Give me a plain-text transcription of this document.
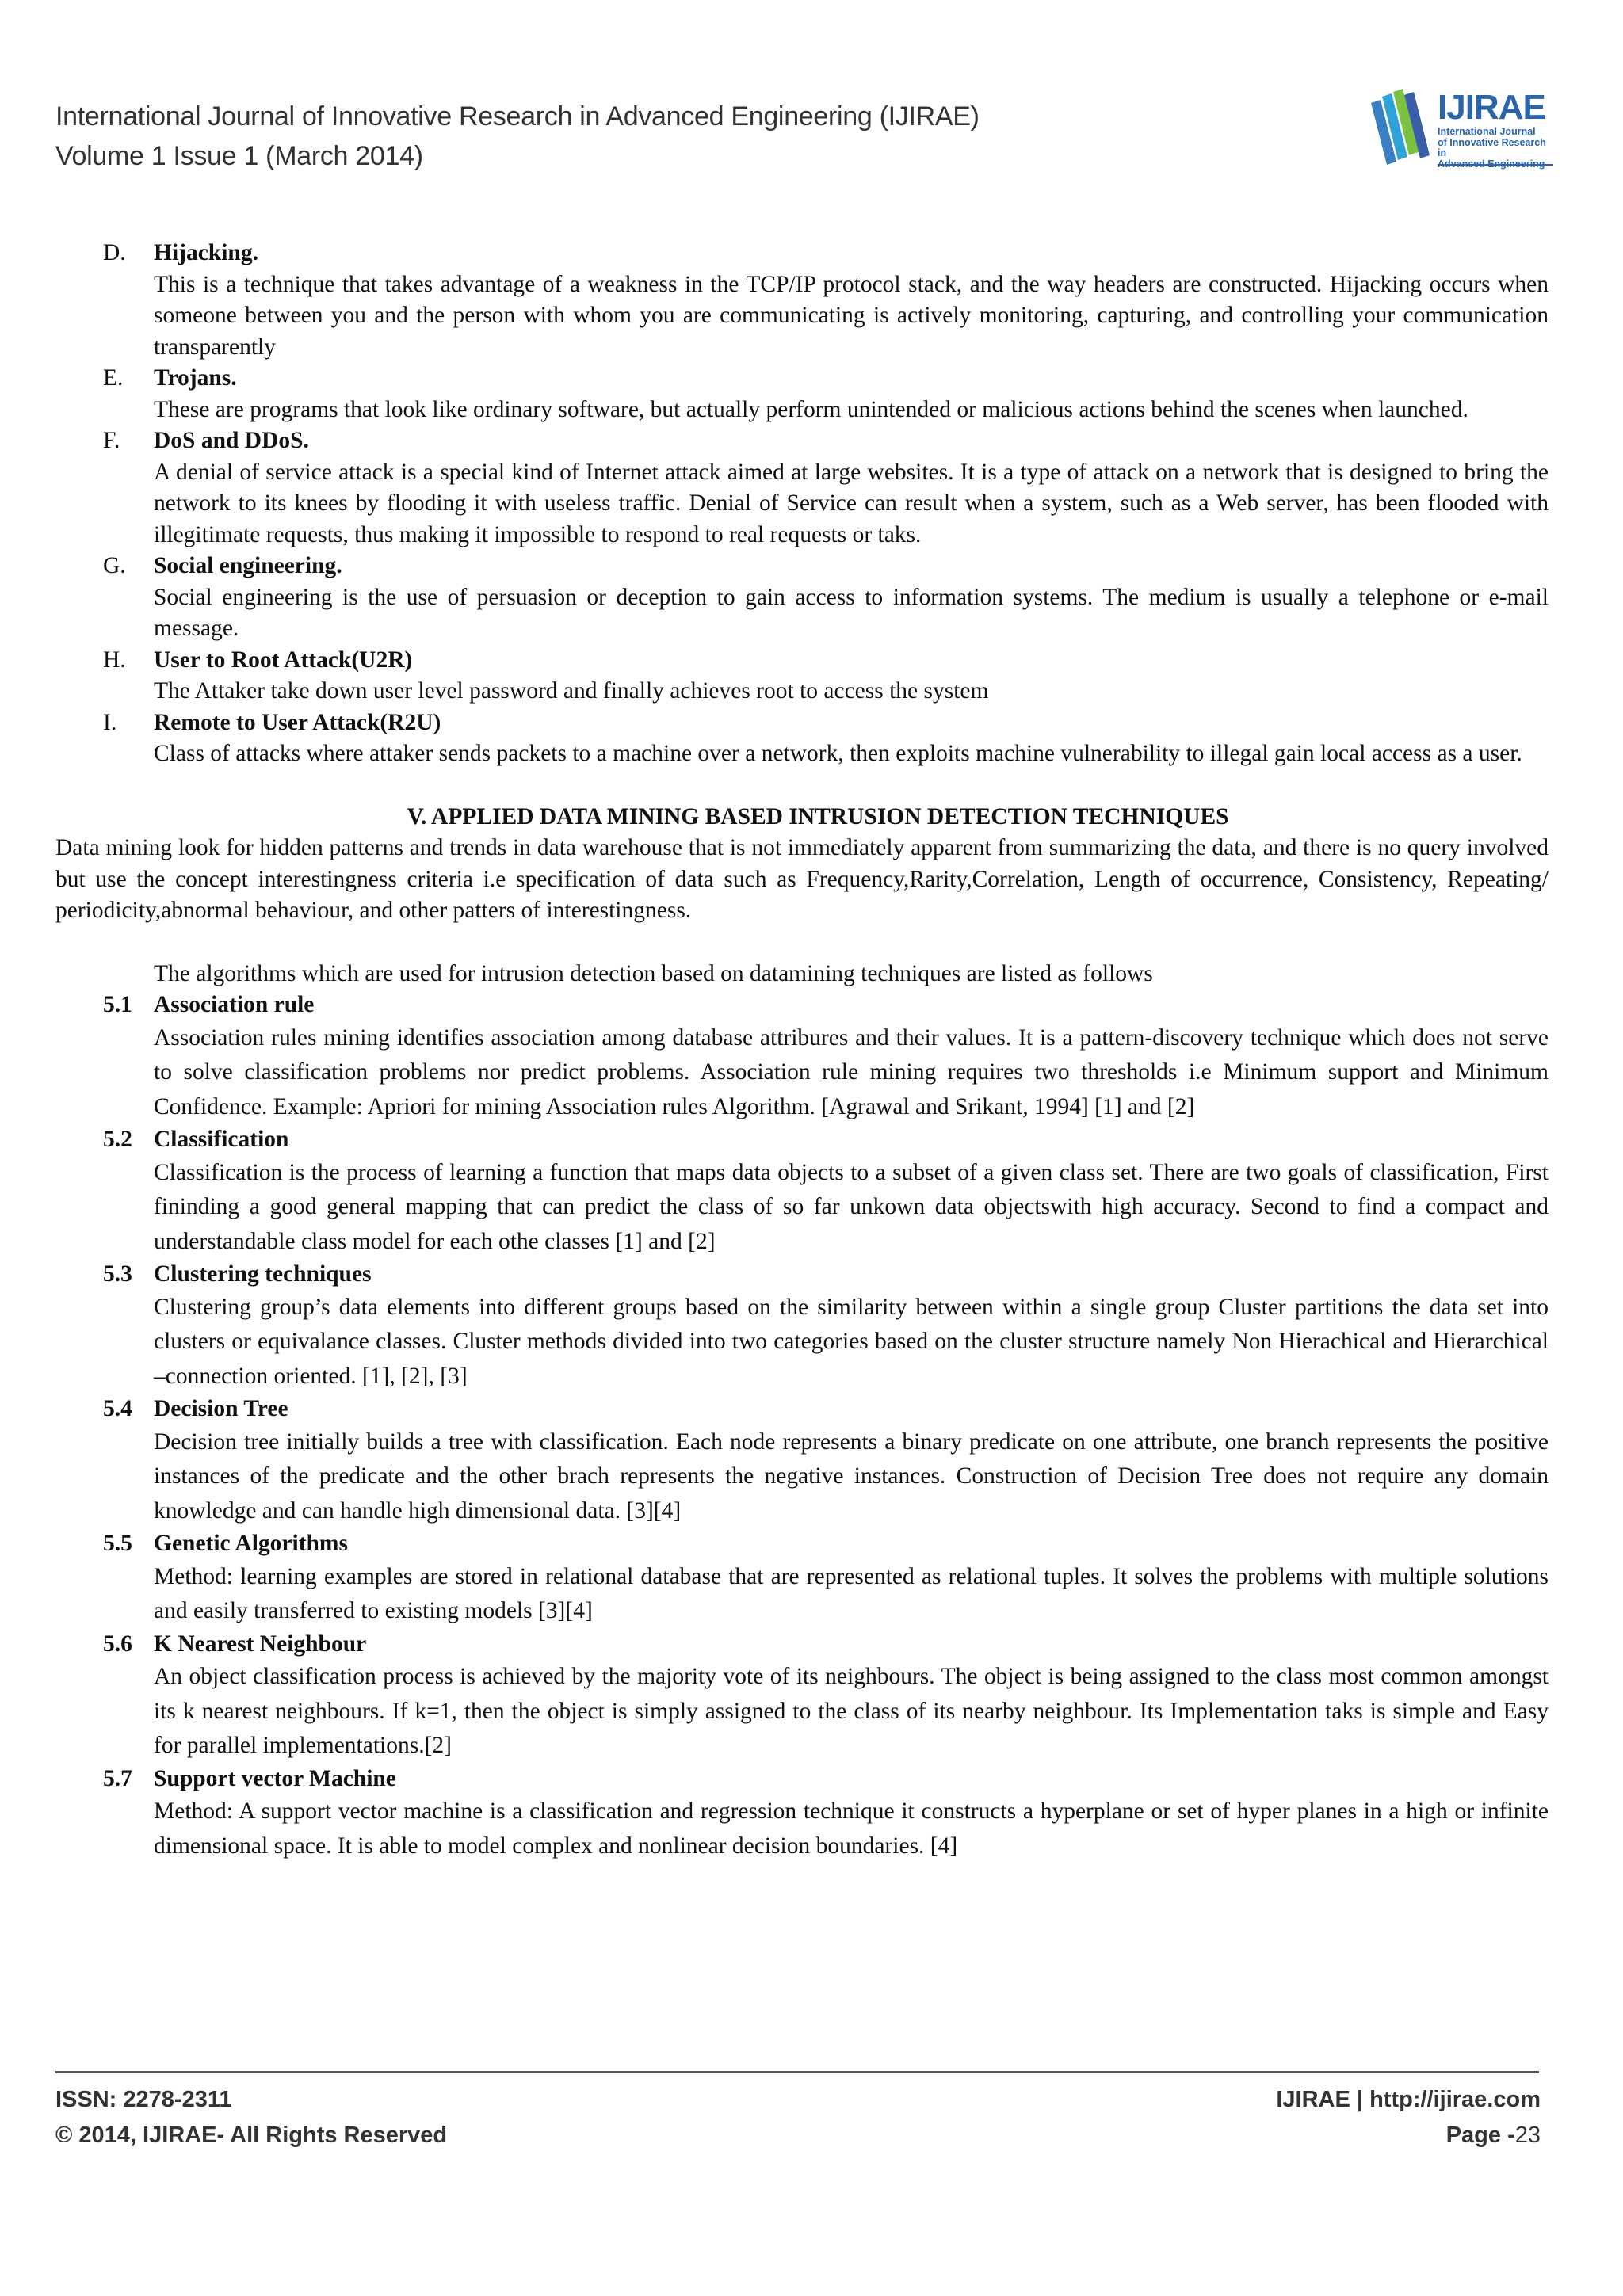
International Journal of Innovative Research in Advanced Engineering (IJIRAE)
Volume 1 Issue 1 (March 2014)
IJIRAE
International Journal
of Innovative Research in
D. Hijacking.
This is a technique that takes advantage of a weakness in the TCP/IP protocol stack, and the way headers are constructed. Hijacking occurs when someone between you and the person with whom you are communicating is actively monitoring, capturing, and controlling your communication transparently
E. Trojans.
These are programs that look like ordinary software, but actually perform unintended or malicious actions behind the scenes when launched.
F. DoS and DDoS.
A denial of service attack is a special kind of Internet attack aimed at large websites. It is a type of attack on a network that is designed to bring the network to its knees by flooding it with useless traffic. Denial of Service can result when a system, such as a Web server, has been flooded with illegitimate requests, thus making it impossible to respond to real requests or taks.
G. Social engineering.
Social engineering is the use of persuasion or deception to gain access to information systems. The medium is usually a telephone or e-mail message.
H. User to Root Attack(U2R)
The Attaker take down user level password and finally achieves root to access the system
I. Remote to User Attack(R2U)
Class of attacks where attaker sends packets to a machine over a network, then exploits machine vulnerability to illegal gain local access as a user.
V. APPLIED DATA MINING BASED INTRUSION DETECTION TECHNIQUES
Data mining look for hidden patterns and trends in data warehouse that is not immediately apparent from summarizing the data, and there is no query involved but use the concept interestingness criteria i.e specification of data such as Frequency,Rarity,Correlation, Length of occurrence, Consistency, Repeating/ periodicity,abnormal behaviour, and other patters of interestingness.
The algorithms which are used for intrusion detection based on datamining techniques are listed as follows
5.1 Association rule
Association rules mining identifies association among database attribures and their values. It is a pattern-discovery technique which does not serve to solve classification problems nor predict problems. Association rule mining requires two thresholds i.e Minimum support and Minimum Confidence. Example: Apriori for mining Association rules Algorithm. [Agrawal and Srikant, 1994] [1] and [2]
5.2 Classification
Classification is the process of learning a function that maps data objects to a subset of a given class set. There are two goals of classification, First fininding a good general mapping that can predict the class of so far unkown data objectswith high accuracy. Second to find a compact and understandable class model for each othe classes [1] and [2]
5.3 Clustering techniques
Clustering group’s data elements into different groups based on the similarity between within a single group Cluster partitions the data set into clusters or equivalance classes. Cluster methods divided into two categories based on the cluster structure namely Non Hierachical and Hierarchical –connection oriented. [1], [2], [3]
5.4 Decision Tree
Decision tree initially builds a tree with classification. Each node represents a binary predicate on one attribute, one branch represents the positive instances of the predicate and the other brach represents the negative instances. Construction of Decision Tree does not require any domain knowledge and can handle high dimensional data. [3][4]
5.5 Genetic Algorithms
Method: learning examples are stored in relational database that are represented as relational tuples. It solves the problems with multiple solutions and easily transferred to existing models [3][4]
5.6 K Nearest Neighbour
An object classification process is achieved by the majority vote of its neighbours. The object is being assigned to the class most common amongst its k nearest neighbours. If k=1, then the object is simply assigned to the class of its nearby neighbour. Its Implementation taks is simple and Easy for parallel implementations.[2]
5.7 Support vector Machine
Method: A support vector machine is a classification and regression technique it constructs a hyperplane or set of hyper planes in a high or infinite dimensional space. It is able to model complex and nonlinear decision boundaries. [4]
ISSN: 2278-2311
© 2014, IJIRAE- All Rights Reserved
IJIRAE | http://ijirae.com
Page -23
